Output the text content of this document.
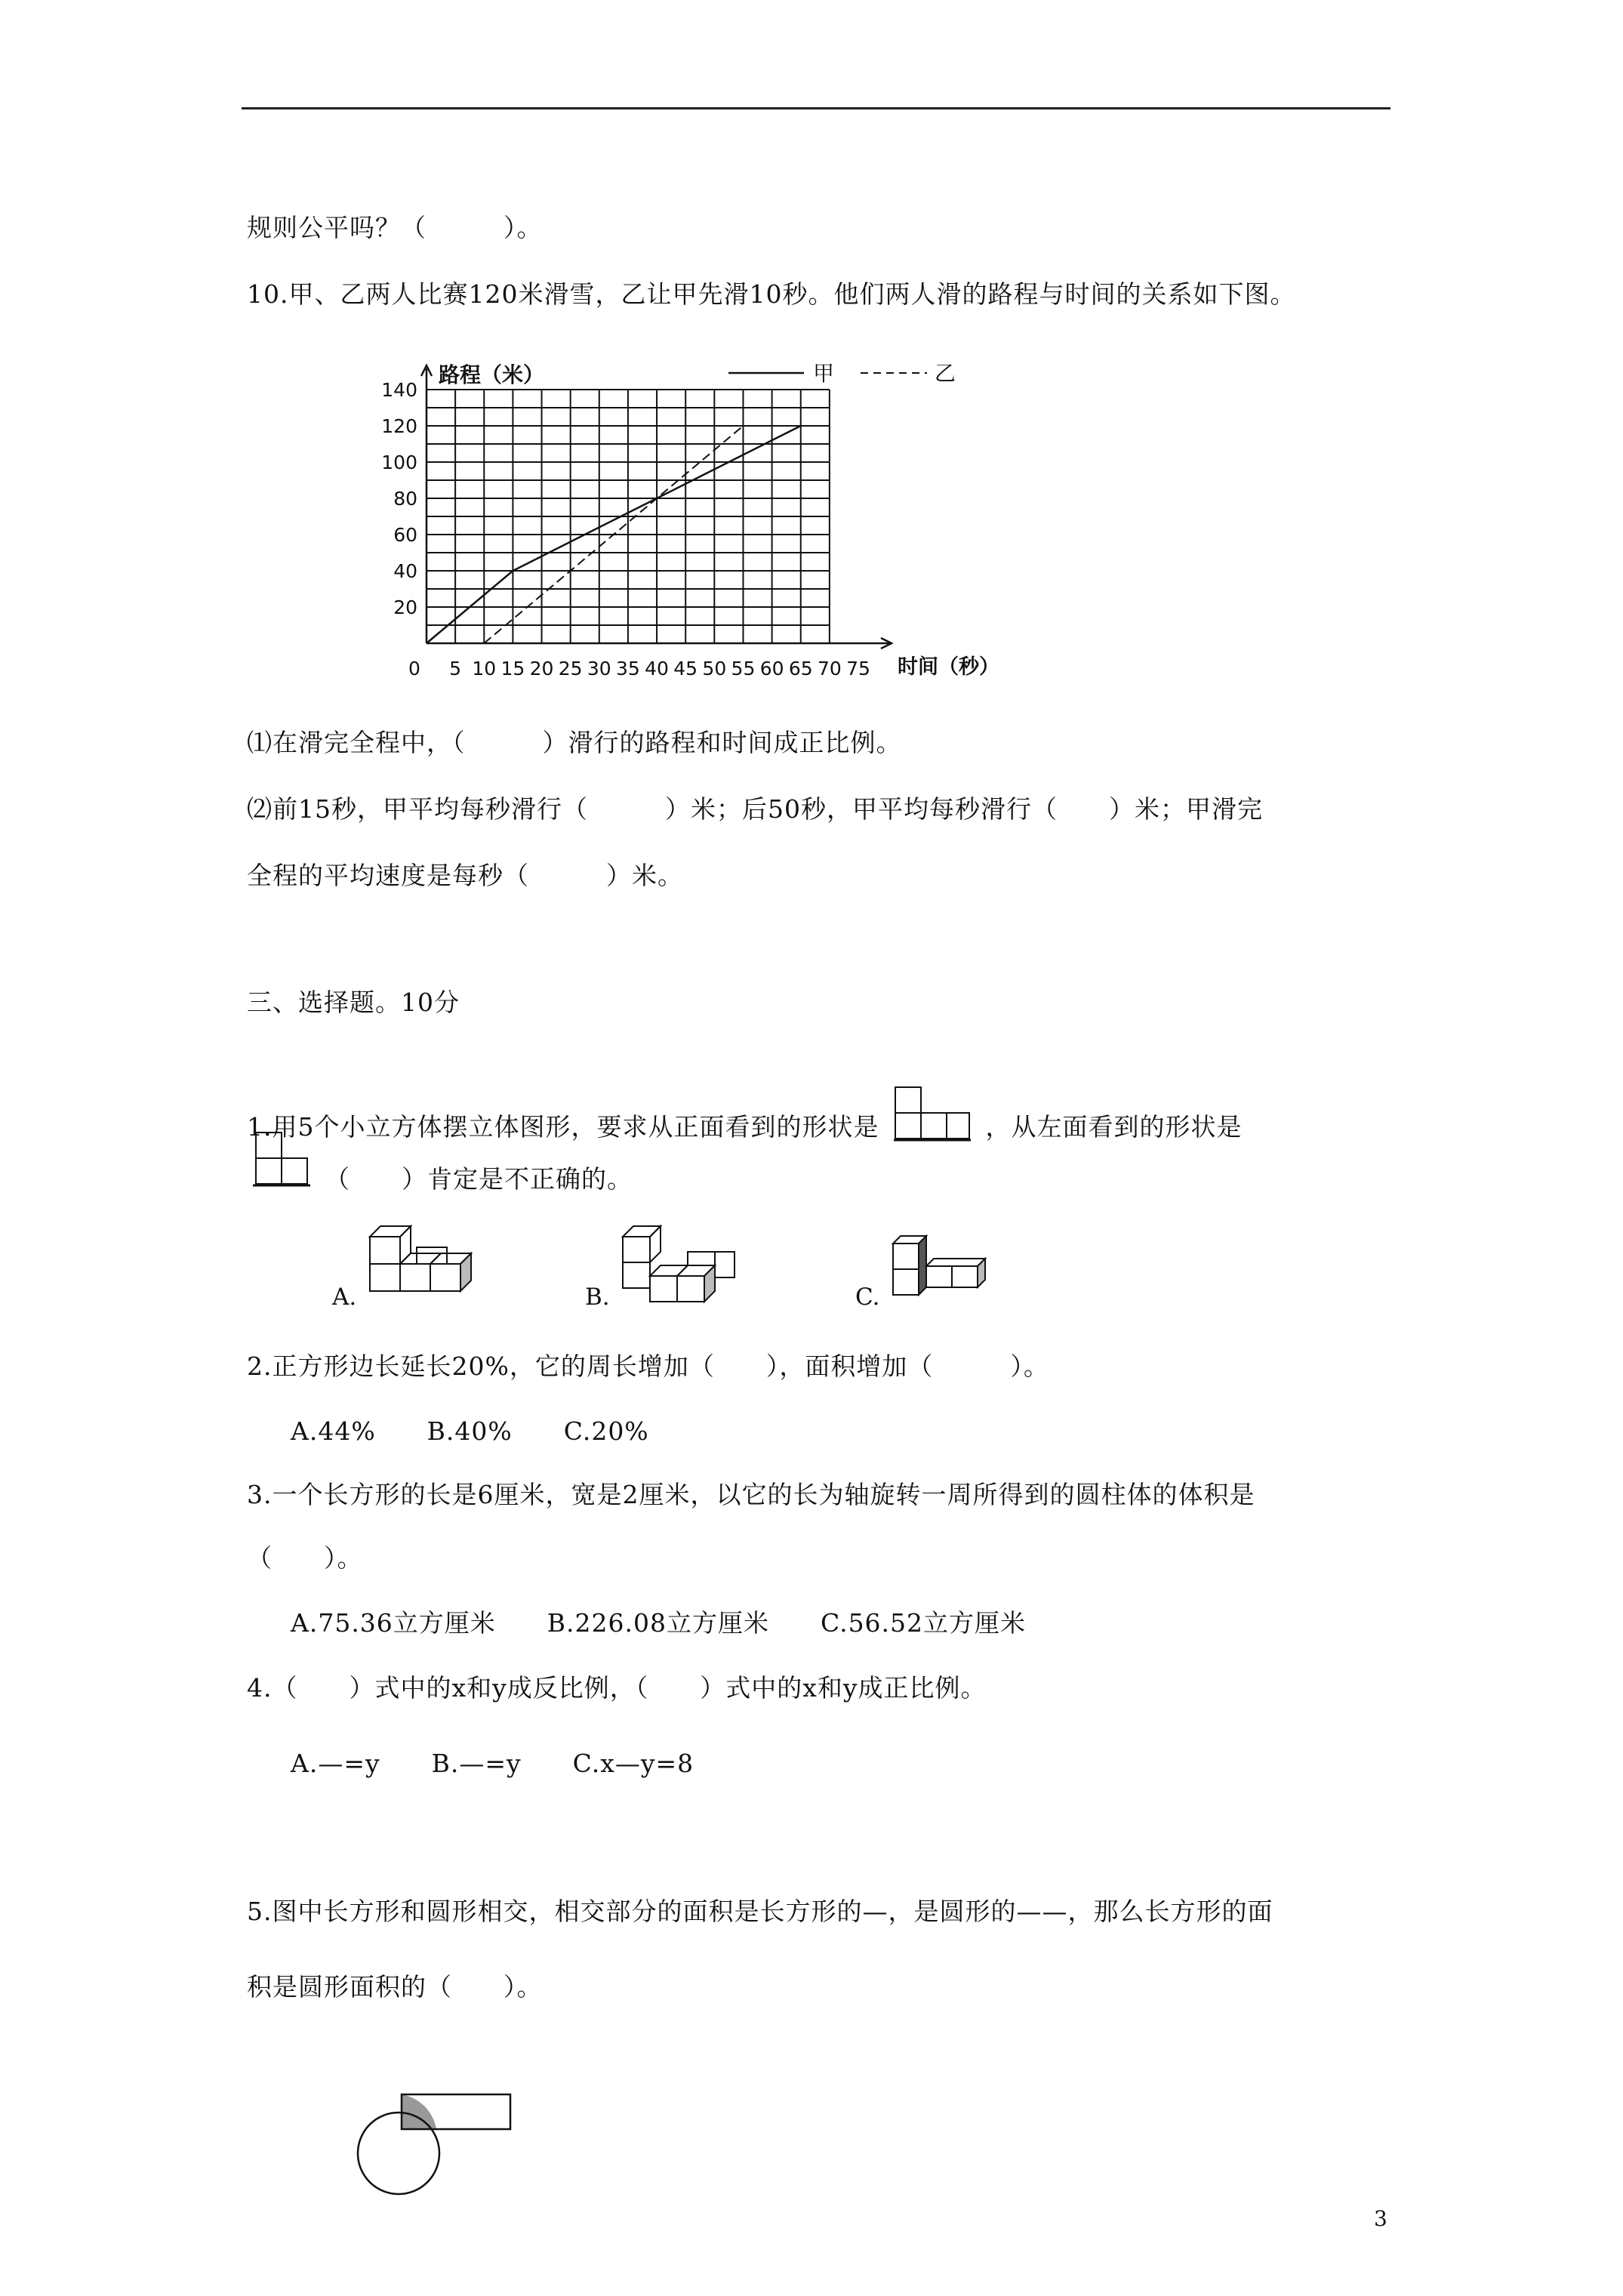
规则公平吗？（　　　）。
10.甲、乙两人比赛120米滑雪，乙让甲先滑10秒。他们两人滑的路程与时间的关系如下图。
路程（米）
时间（秒）
20
40
60
80
100
120
140
0 5 10 15 20 25 30 35 40 45 50 55 60 65 70 75
甲	乙
⑴在滑完全程中，（　　　）滑行的路程和时间成正比例。
⑵前15秒，甲平均每秒滑行（　　　）米；后50秒，甲平均每秒滑行（　　）米；甲滑完
全程的平均速度是每秒（　　　）米。
三、选择题。10分
1.用5个小立方体摆立体图形，要求从正面看到的形状是	，从左面看到的形状是
（　　）肯定是不正确的。
A.	B.	C.
2.正方形边长延长20%，它的周长增加（　　），面积增加（　　　）。
A.44%　　B.40%　　C.20%
3.一个长方形的长是6厘米，宽是2厘米，以它的长为轴旋转一周所得到的圆柱体的体积是
（　　）。
A.75.36立方厘米　　B.226.08立方厘米　　C.56.52立方厘米
4.（　　）式中的x和y成反比例，（　　）式中的x和y成正比例。
A.—=y　　B.—=y　　C.x—y=8
5.图中长方形和圆形相交，相交部分的面积是长方形的—，是圆形的——，那么长方形的面
积是圆形面积的（　　）。
3
